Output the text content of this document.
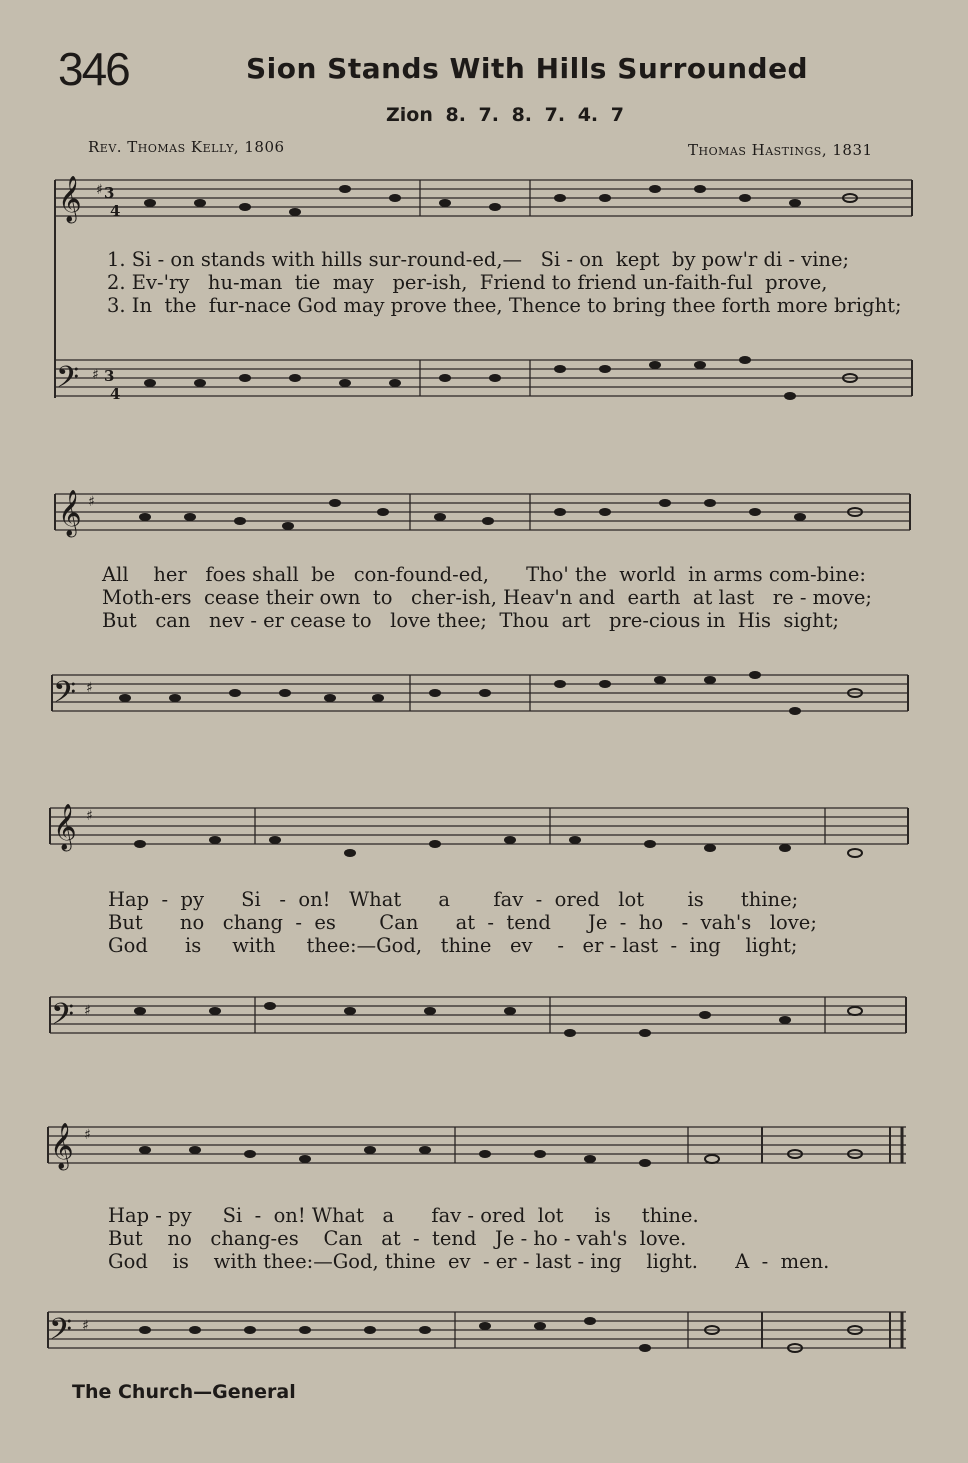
346	Sion Stands With Hills Surrounded
Zion 8. 7. 8. 7. 4. 7
Rev. Thomas Kelly, 1806	Thomas Hastings, 1831
𝄞 ♯ 3
4
1. Si - on stands with hills sur-round-ed,—   Si - on  kept  by pow'r di - vine;
2. Ev-'ry   hu-man  tie  may   per-ish,  Friend to friend un-faith-ful  prove,
3. In  the  fur-nace God may prove thee, Thence to bring thee forth more bright;
𝄢 ♯ 3
4
𝄞 ♯
All    her   foes shall  be   con-found-ed,      Tho' the  world  in arms com-bine:
Moth-ers  cease their own  to   cher-ish, Heav'n and  earth  at last   re - move;
But   can   nev - er cease to   love thee;  Thou  art   pre-cious in  His  sight;
𝄢 ♯
𝄞 ♯
Hap  -  py      Si   -  on!   What      a       fav  -  ored   lot       is      thine;
But      no   chang  -  es       Can      at  -  tend      Je  -  ho   -  vah's   love;
God      is     with     thee:—God,   thine   ev    -   er - last  -  ing    light;
𝄢 ♯
𝄞 ♯
Hap - py     Si  -  on! What   a      fav - ored  lot     is     thine.
But    no   chang-es    Can   at  -  tend   Je - ho - vah's  love.
God    is    with thee:—God, thine  ev  - er - last - ing    light.      A  -  men.
𝄢 ♯
The Church—General
